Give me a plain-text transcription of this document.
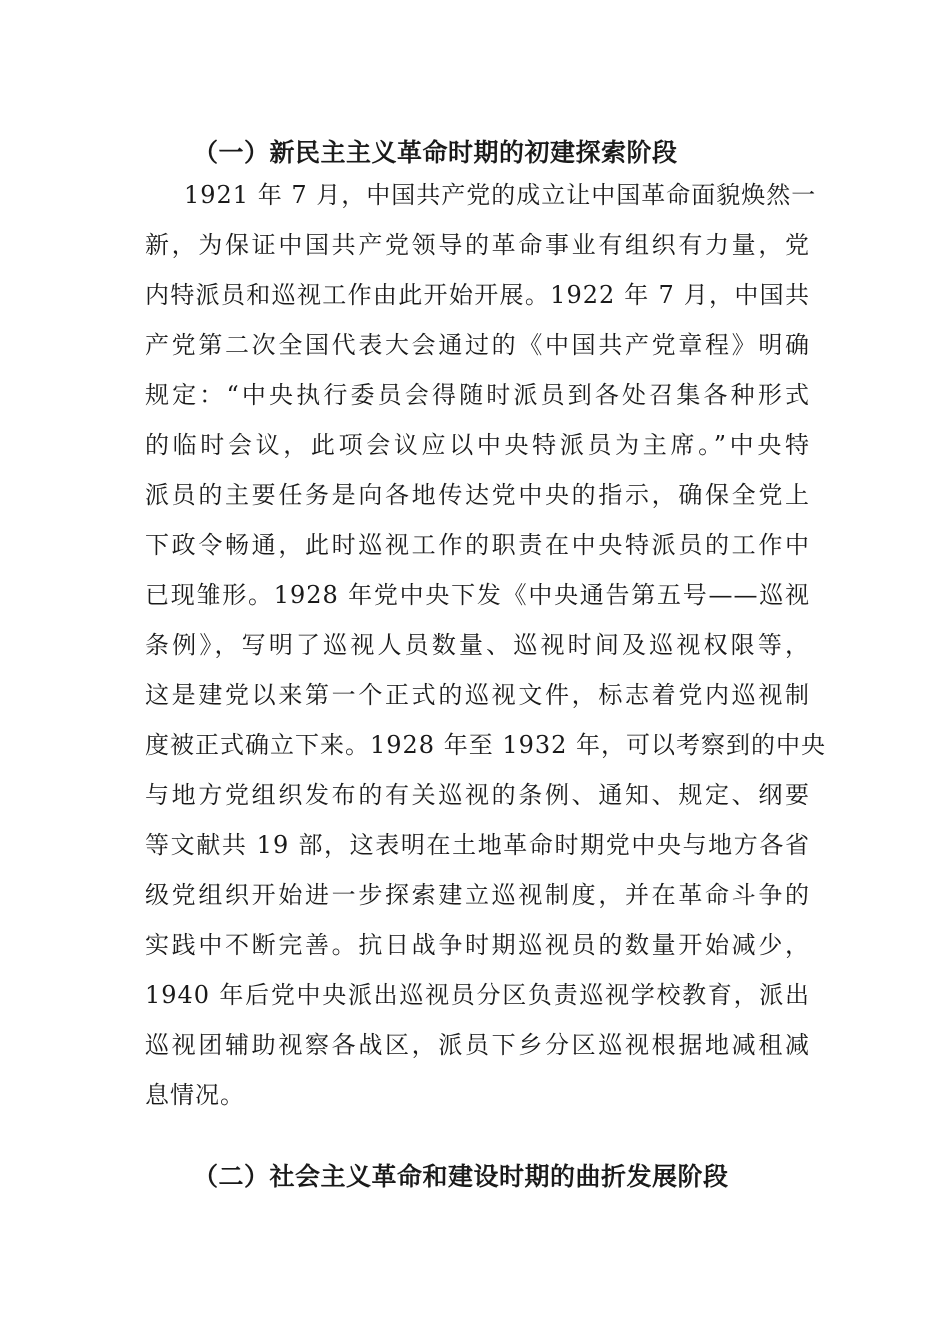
（一）新民主主义革命时期的初建探索阶段
1921 年 7 月，中国共产党的成立让中国革命面貌焕然一
新，为保证中国共产党领导的革命事业有组织有力量，党
内特派员和巡视工作由此开始开展。1922 年 7 月，中国共
产党第二次全国代表大会通过的《中国共产党章程》明确
规定：“中央执行委员会得随时派员到各处召集各种形式
的临时会议，此项会议应以中央特派员为主席。”中央特
派员的主要任务是向各地传达党中央的指示，确保全党上
下政令畅通，此时巡视工作的职责在中央特派员的工作中
已现雏形。1928 年党中央下发《中央通告第五号——巡视
条例》，写明了巡视人员数量、巡视时间及巡视权限等，
这是建党以来第一个正式的巡视文件，标志着党内巡视制
度被正式确立下来。1928 年至 1932 年，可以考察到的中央
与地方党组织发布的有关巡视的条例、通知、规定、纲要
等文献共 19 部，这表明在土地革命时期党中央与地方各省
级党组织开始进一步探索建立巡视制度，并在革命斗争的
实践中不断完善。抗日战争时期巡视员的数量开始减少，
1940 年后党中央派出巡视员分区负责巡视学校教育，派出
巡视团辅助视察各战区，派员下乡分区巡视根据地减租减
息情况。
（二）社会主义革命和建设时期的曲折发展阶段
